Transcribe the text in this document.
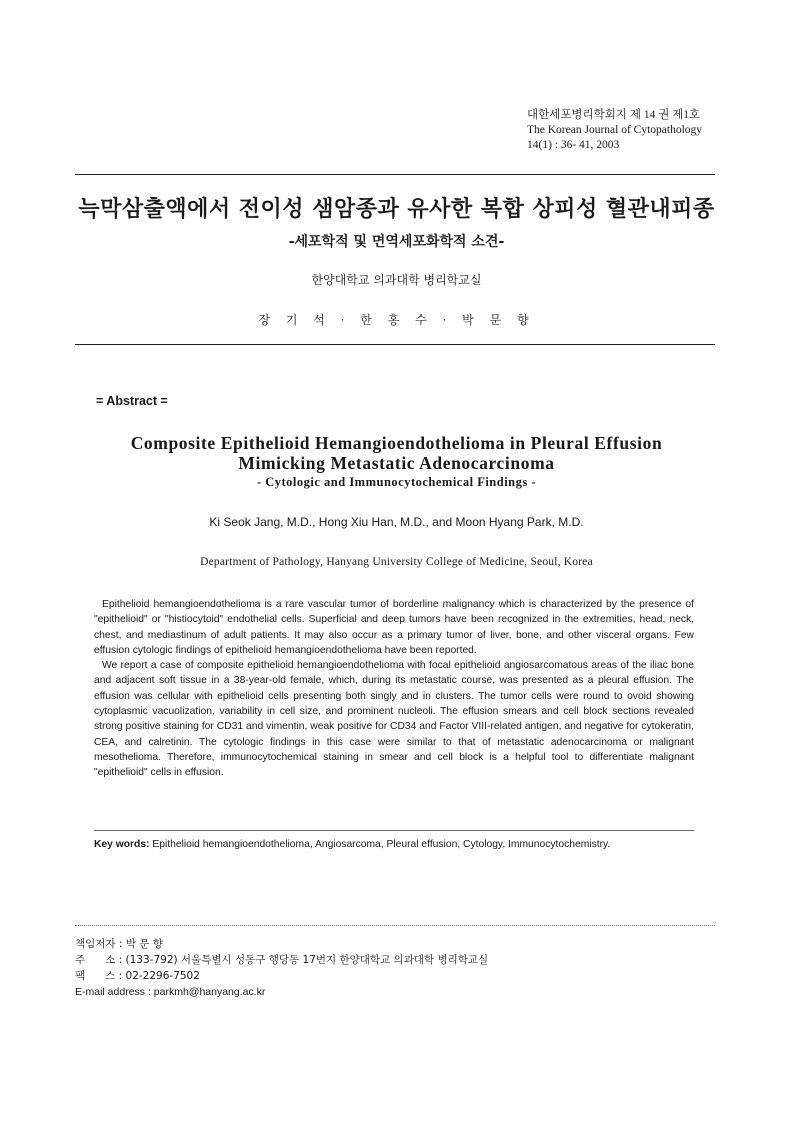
대한세포병리학회지 제 14 권 제1호
The Korean Journal of Cytopathology
14(1) : 36- 41, 2003
늑막삼출액에서 전이성 샘암종과 유사한 복합 상피성 혈관내피종
-세포학적 및 면역세포화학적 소견-
한양대학교 의과대학 병리학교실
장 기 석 · 한 홍 수 · 박 문 향
= Abstract =
Composite Epithelioid Hemangioendothelioma in Pleural Effusion
Mimicking Metastatic Adenocarcinoma
- Cytologic and Immunocytochemical Findings -
Ki Seok Jang, M.D., Hong Xiu Han, M.D., and Moon Hyang Park, M.D.
Department of Pathology, Hanyang University College of Medicine, Seoul, Korea

Epithelioid hemangioendothelioma is a rare vascular tumor of borderline malignancy which is characterized by the presence of "epithelioid" or "histiocytoid" endothelial cells. Superficial and deep tumors have been recognized in the extremities, head, neck, chest, and mediastinum of adult patients. It may also occur as a primary tumor of liver, bone, and other visceral organs. Few effusion cytologic findings of epithelioid hemangioendothelioma have been reported.

We report a case of composite epithelioid hemangioendothelioma with focal epithelioid angiosarcomatous areas of the iliac bone and adjacent soft tissue in a 38-year-old female, which, during its metastatic course, was presented as a pleural effusion. The effusion was cellular with epithelioid cells presenting both singly and in clusters. The tumor cells were round to ovoid showing cytoplasmic vacuolization, variability in cell size, and prominent nucleoli. The effusion smears and cell block sections revealed strong positive staining for CD31 and vimentin, weak positive for CD34 and Factor VIII-related antigen, and negative for cytokeratin, CEA, and calretinin. The cytologic findings in this case were similar to that of metastatic adenocarcinoma or malignant mesothelioma. Therefore, immunocytochemical staining in smear and cell block is a helpful tool to differentiate malignant "epithelioid" cells in effusion.

Key words: Epithelioid hemangioendothelioma, Angiosarcoma, Pleural effusion, Cytology, Immunocytochemistry.
책임저자 : 박 문 향
주      소 : (133-792) 서울특별시 성동구 행당동 17번지 한양대학교 의과대학 병리학교실
팩      스 : 02-2296-7502
E-mail address : parkmh@hanyang.ac.kr
